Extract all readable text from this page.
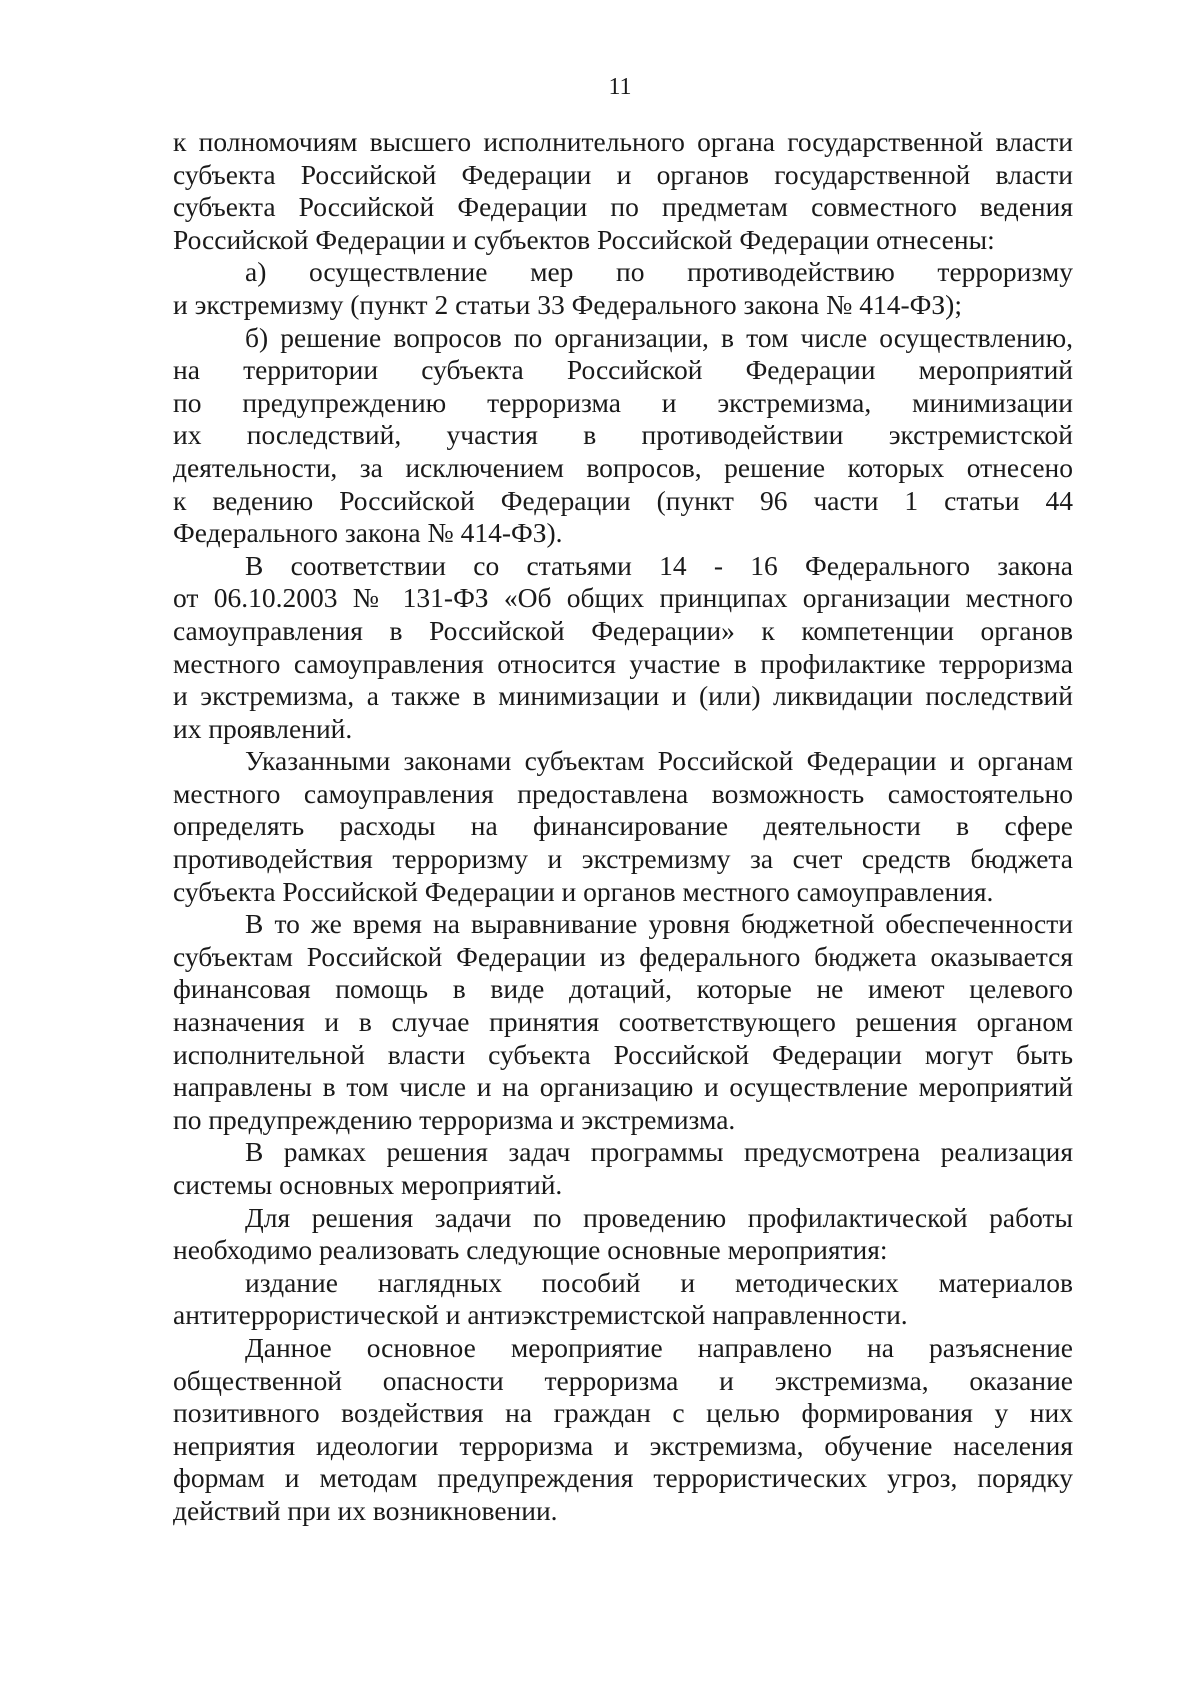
11
к полномочиям высшего исполнительного органа государственной власти
субъекта Российской Федерации и органов государственной власти
субъекта Российской Федерации по предметам совместного ведения
Российской Федерации и субъектов Российской Федерации отнесены:
а) осуществление мер по противодействию терроризму
и экстремизму (пункт 2 статьи 33 Федерального закона № 414-ФЗ);
б) решение вопросов по организации, в том числе осуществлению,
на территории субъекта Российской Федерации мероприятий
по предупреждению терроризма и экстремизма, минимизации
их последствий, участия в противодействии экстремистской
деятельности, за исключением вопросов, решение которых отнесено
к ведению Российской Федерации (пункт 96 части 1 статьи 44
Федерального закона № 414-ФЗ).
В соответствии со статьями 14 - 16 Федерального закона
от 06.10.2003 № 131-ФЗ «Об общих принципах организации местного
самоуправления в Российской Федерации» к компетенции органов
местного самоуправления относится участие в профилактике терроризма
и экстремизма, а также в минимизации и (или) ликвидации последствий
их проявлений.
Указанными законами субъектам Российской Федерации и органам
местного самоуправления предоставлена возможность самостоятельно
определять расходы на финансирование деятельности в сфере
противодействия терроризму и экстремизму за счет средств бюджета
субъекта Российской Федерации и органов местного самоуправления.
В то же время на выравнивание уровня бюджетной обеспеченности
субъектам Российской Федерации из федерального бюджета оказывается
финансовая помощь в виде дотаций, которые не имеют целевого
назначения и в случае принятия соответствующего решения органом
исполнительной власти субъекта Российской Федерации могут быть
направлены в том числе и на организацию и осуществление мероприятий
по предупреждению терроризма и экстремизма.
В рамках решения задач программы предусмотрена реализация
системы основных мероприятий.
Для решения задачи по проведению профилактической работы
необходимо реализовать следующие основные мероприятия:
издание наглядных пособий и методических материалов
антитеррористической и антиэкстремистской направленности.
Данное основное мероприятие направлено на разъяснение
общественной опасности терроризма и экстремизма, оказание
позитивного воздействия на граждан с целью формирования у них
неприятия идеологии терроризма и экстремизма, обучение населения
формам и методам предупреждения террористических угроз, порядку
действий при их возникновении.
